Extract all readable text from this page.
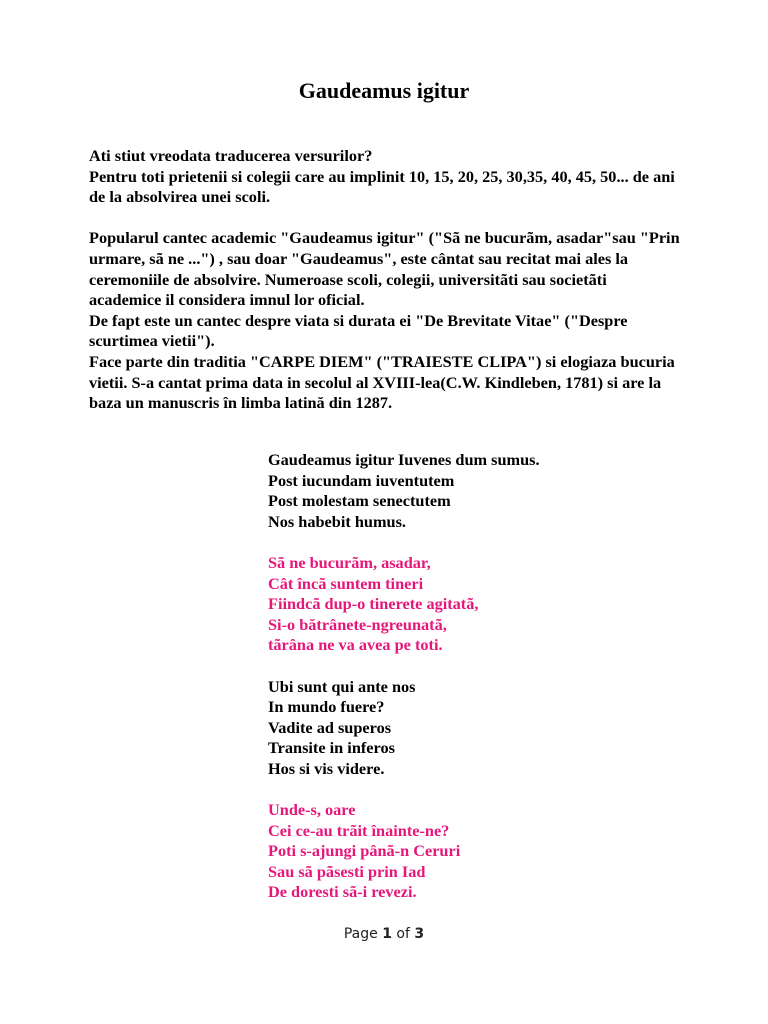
Gaudeamus igitur
Ati stiut vreodata traducerea versurilor?
Pentru toti prietenii si colegii care au implinit 10, 15, 20, 25, 30,35, 40, 45, 50... de ani
de la absolvirea unei scoli.
Popularul cantec academic "Gaudeamus igitur" ("Sã ne bucurãm, asadar"sau "Prin
urmare, sã ne ...") , sau doar "Gaudeamus", este cântat sau recitat mai ales la
ceremoniile de absolvire. Numeroase scoli, colegii, universitãti sau societãti
academice il considera imnul lor oficial.
De fapt este un cantec despre viata si durata ei "De Brevitate Vitae" ("Despre
scurtimea vietii").
Face parte din traditia "CARPE DIEM" ("TRAIESTE CLIPA") si elogiaza bucuria
vietii. S-a cantat prima data in secolul al XVIII-lea(C.W. Kindleben, 1781) si are la
baza un manuscris în limba latină din 1287.
Gaudeamus igitur Iuvenes dum sumus.
Post iucundam iuventutem
Post molestam senectutem
Nos habebit humus.
Sã ne bucurãm, asadar,
Cât încã suntem tineri
Fiindcã dup-o tinerete agitatã,
Si-o bătrânete-ngreunatã,
tãrâna ne va avea pe toti.
Ubi sunt qui ante nos
In mundo fuere?
Vadite ad superos
Transite in inferos
Hos si vis videre.
Unde-s, oare
Cei ce-au trãit înainte-ne?
Poti s-ajungi pânã-n Ceruri
Sau sã pãsesti prin Iad
De doresti sã-i revezi.
Page 1 of 3
